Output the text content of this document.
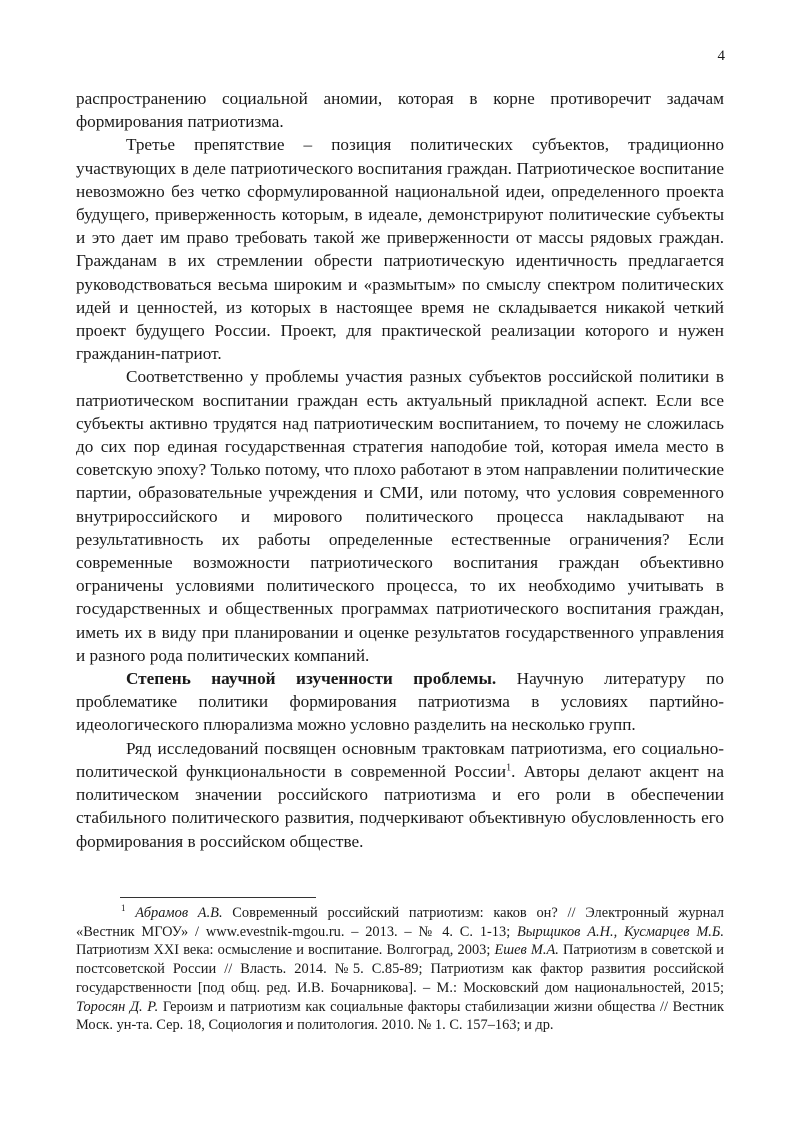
4

распространению социальной аномии, которая в корне противоречит задачам формирования патриотизма.

Третье препятствие – позиция политических субъектов, традиционно участвующих в деле патриотического воспитания граждан. Патриотическое воспитание невозможно без четко сформулированной национальной идеи, определенного проекта будущего, приверженность которым, в идеале, демонстрируют политические субъекты и это дает им право требовать такой же приверженности от массы рядовых граждан. Гражданам в их стремлении обрести патриотическую идентичность предлагается руководствоваться весьма широким и «размытым» по смыслу спектром политических идей и ценностей, из которых в настоящее время не складывается никакой четкий проект будущего России. Проект, для практической реализации которого и нужен гражданин-патриот.

Соответственно у проблемы участия разных субъектов российской политики в патриотическом воспитании граждан есть актуальный прикладной аспект. Если все субъекты активно трудятся над патриотическим воспитанием, то почему не сложилась до сих пор единая государственная стратегия наподобие той, которая имела место в советскую эпоху? Только потому, что плохо работают в этом направлении политические партии, образовательные учреждения и СМИ, или потому, что условия современного внутрироссийского и мирового политического процесса накладывают на результативность их работы определенные естественные ограничения? Если современные возможности патриотического воспитания граждан объективно ограничены условиями политического процесса, то их необходимо учитывать в государственных и общественных программах патриотического воспитания граждан, иметь их в виду при планировании и оценке результатов государственного управления и разного рода политических компаний.

Степень научной изученности проблемы. Научную литературу по проблематике политики формирования патриотизма в условиях партийно-идеологического плюрализма можно условно разделить на несколько групп.

Ряд исследований посвящен основным трактовкам патриотизма, его социально-политической функциональности в современной России$^1$. Авторы делают акцент на политическом значении российского патриотизма и его роли в обеспечении стабильного политического развития, подчеркивают объективную обусловленность его формирования в российском обществе.

$^1$ Абрамов А.В. Современный российский патриотизм: каков он? // Электронный журнал «Вестник МГОУ» / www.evestnik-mgou.ru. – 2013. – № 4. С. 1-13; Вырщиков А.Н., Кусмарцев М.Б. Патриотизм XXI века: осмысление и воспитание. Волгоград, 2003; Ешев М.А. Патриотизм в советской и постсоветской России // Власть. 2014. №5. С.85-89; Патриотизм как фактор развития российской государственности [под общ. ред. И.В. Бочарникова]. – М.: Московский дом национальностей, 2015; Торосян Д. Р. Героизм и патриотизм как социальные факторы стабилизации жизни общества // Вестник Моск. ун-та. Сер. 18, Социология и политология. 2010. № 1. С. 157–163; и др.
